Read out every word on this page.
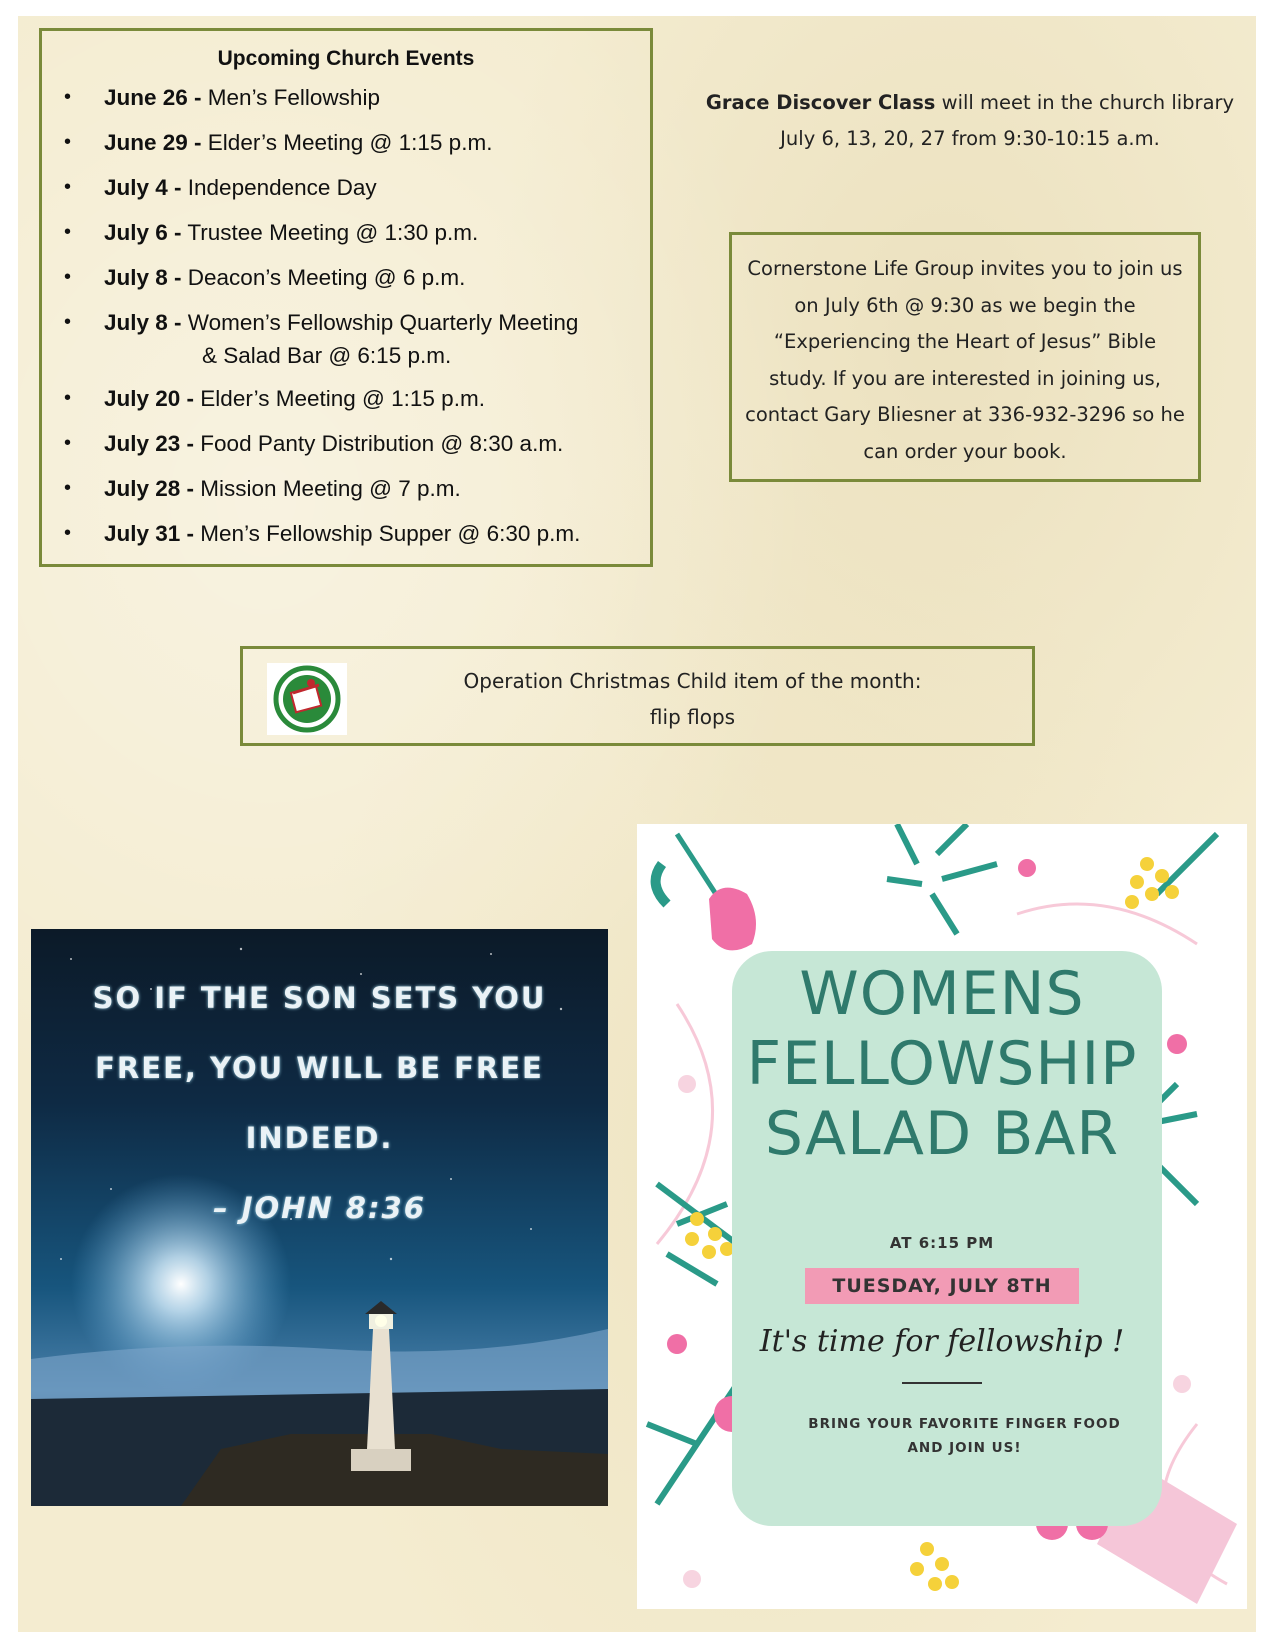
Upcoming Church Events
• June 26 - Men’s Fellowship
• June 29 - Elder’s Meeting @ 1:15 p.m.
• July 4 - Independence Day
• July 6 - Trustee Meeting @ 1:30 p.m.
• July 8 - Deacon’s Meeting @ 6 p.m.
• July 8 - Women’s Fellowship Quarterly Meeting
& Salad Bar @ 6:15 p.m.
• July 20 - Elder’s Meeting @ 1:15 p.m.
• July 23 - Food Panty Distribution @ 8:30 a.m.
• July 28 - Mission Meeting @ 7 p.m.
• July 31 - Men’s Fellowship Supper @ 6:30 p.m.
Grace Discover Class will meet in the church library
July 6, 13, 20, 27 from 9:30-10:15 a.m.
Cornerstone Life Group invites you to join us
on July 6th @ 9:30 as we begin the
“Experiencing the Heart of Jesus” Bible
study. If you are interested in joining us,
contact Gary Bliesner at 336-932-3296 so he
can order your book.
Operation Christmas Child item of the month:
flip flops
SO IF THE SON SETS YOU
FREE, YOU WILL BE FREE
INDEED.
– JOHN 8:36
WOMENS
FELLOWSHIP
SALAD BAR
AT 6:15 PM
TUESDAY, JULY 8TH
It's time for fellowship !
BRING YOUR FAVORITE FINGER FOOD
AND JOIN US!
